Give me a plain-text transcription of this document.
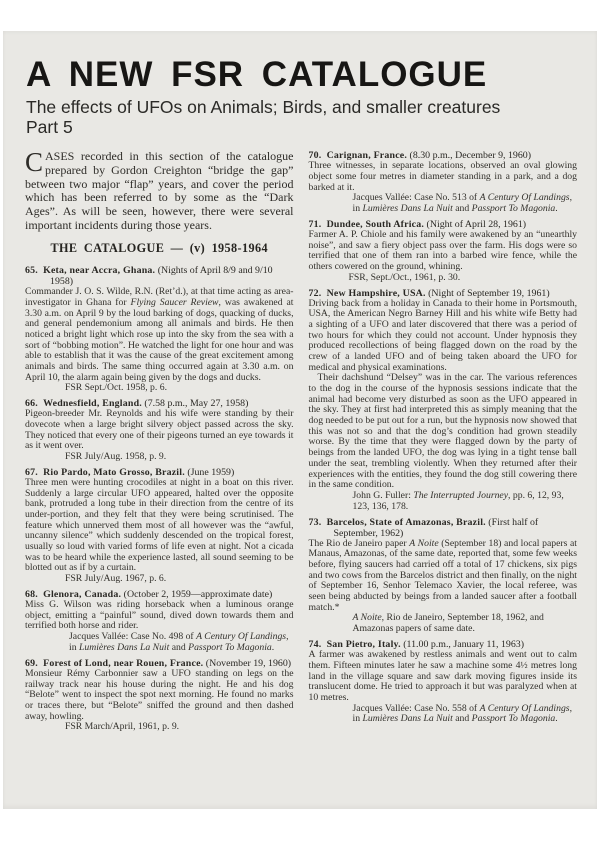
A NEW FSR CATALOGUE
The effects of UFOs on Animals; Birds, and smaller creatures
Part 5

CASES recorded in this section of the catalogue prepared by Gordon Creighton “bridge the gap” between two major “flap” years, and cover the period which has been referred to by some as the “Dark Ages”. As will be seen, however, there were several important incidents during those years.

THE CATALOGUE — (v) 1958-1964
65. Keta, near Accra, Ghana. (Nights of April 8/9 and 9/10 1958)

Commander J. O. S. Wilde, R.N. (Ret’d.), at that time acting as area-investigator in Ghana for Flying Saucer Review, was awakened at 3.30 a.m. on April 9 by the loud barking of dogs, quacking of ducks, and general pendemonium among all animals and birds. He then noticed a bright light which rose up into the sky from the sea with a sort of “bobbing motion”. He watched the light for one hour and was able to establish that it was the cause of the great excitement among animals and birds. The same thing occurred again at 3.30 a.m. on April 10, the alarm again being given by the dogs and ducks.

FSR Sept./Oct. 1958, p. 6.
66. Wednesfield, England. (7.58 p.m., May 27, 1958)

Pigeon-breeder Mr. Reynolds and his wife were standing by their dovecote when a large bright silvery object passed across the sky. They noticed that every one of their pigeons turned an eye towards it as it went over.

FSR July/Aug. 1958, p. 9.
67. Rio Pardo, Mato Grosso, Brazil. (June 1959)

Three men were hunting crocodiles at night in a boat on this river. Suddenly a large circular UFO appeared, halted over the opposite bank, protruded a long tube in their direction from the centre of its under-portion, and they felt that they were being scrutinised. The feature which unnerved them most of all however was the “awful, uncanny silence” which suddenly descended on the tropical forest, usually so loud with varied forms of life even at night. Not a cicada was to be heard while the experience lasted, all sound seeming to be blotted out as if by a curtain.

FSR July/Aug. 1967, p. 6.
68. Glenora, Canada. (October 2, 1959—approximate date)

Miss G. Wilson was riding horseback when a luminous orange object, emitting a “painful” sound, dived down towards them and terrified both horse and rider.

Jacques Vallée: Case No. 498 of A Century Of Landings, in Lumières Dans La Nuit and Passport To Magonia.
69. Forest of Lond, near Rouen, France. (November 19, 1960)

Monsieur Rémy Carbonnier saw a UFO standing on legs on the railway track near his house during the night. He and his dog “Belote” went to inspect the spot next morning. He found no marks or traces there, but “Belote” sniffed the ground and then dashed away, howling.

FSR March/April, 1961, p. 9.
70. Carignan, France. (8.30 p.m., December 9, 1960)

Three witnesses, in separate locations, observed an oval glowing object some four metres in diameter standing in a park, and a dog barked at it.

Jacques Vallée: Case No. 513 of A Century Of Landings, in Lumières Dans La Nuit and Passport To Magonia.
71. Dundee, South Africa. (Night of April 28, 1961)

Farmer A. P. Chiole and his family were awakened by an “unearthly noise”, and saw a fiery object pass over the farm. His dogs were so terrified that one of them ran into a barbed wire fence, while the others cowered on the ground, whining.

FSR, Sept./Oct., 1961, p. 30.
72. New Hampshire, USA. (Night of September 19, 1961)

Driving back from a holiday in Canada to their home in Portsmouth, USA, the American Negro Barney Hill and his white wife Betty had a sighting of a UFO and later discovered that there was a period of two hours for which they could not account. Under hypnosis they produced recollections of being flagged down on the road by the crew of a landed UFO and of being taken aboard the UFO for medical and physical examinations.

Their dachshund “Delsey” was in the car. The various references to the dog in the course of the hypnosis sessions indicate that the animal had become very disturbed as soon as the UFO appeared in the sky. They at first had interpreted this as simply meaning that the dog needed to be put out for a run, but the hypnosis now showed that this was not so and that the dog’s condition had grown steadily worse. By the time that they were flagged down by the party of beings from the landed UFO, the dog was lying in a tight tense ball under the seat, trembling violently. When they returned after their experiences with the entities, they found the dog still cowering there in the same condition.

John G. Fuller: The Interrupted Journey, pp. 6, 12, 93, 123, 136, 178.
73. Barcelos, State of Amazonas, Brazil. (First half of September, 1962)

The Rio de Janeiro paper A Noite (September 18) and local papers at Manaus, Amazonas, of the same date, reported that, some few weeks before, flying saucers had carried off a total of 17 chickens, six pigs and two cows from the Barcelos district and then finally, on the night of September 16, Senhor Telemaco Xavier, the local referee, was seen being abducted by beings from a landed saucer after a football match.*

A Noite, Rio de Janeiro, September 18, 1962, and Amazonas papers of same date.
74. San Pietro, Italy. (11.00 p.m., January 11, 1963)

A farmer was awakened by restless animals and went out to calm them. Fifteen minutes later he saw a machine some 4½ metres long land in the village square and saw dark moving figures inside its translucent dome. He tried to approach it but was paralyzed when at 10 metres.

Jacques Vallée: Case No. 558 of A Century Of Landings, in Lumières Dans La Nuit and Passport To Magonia.
